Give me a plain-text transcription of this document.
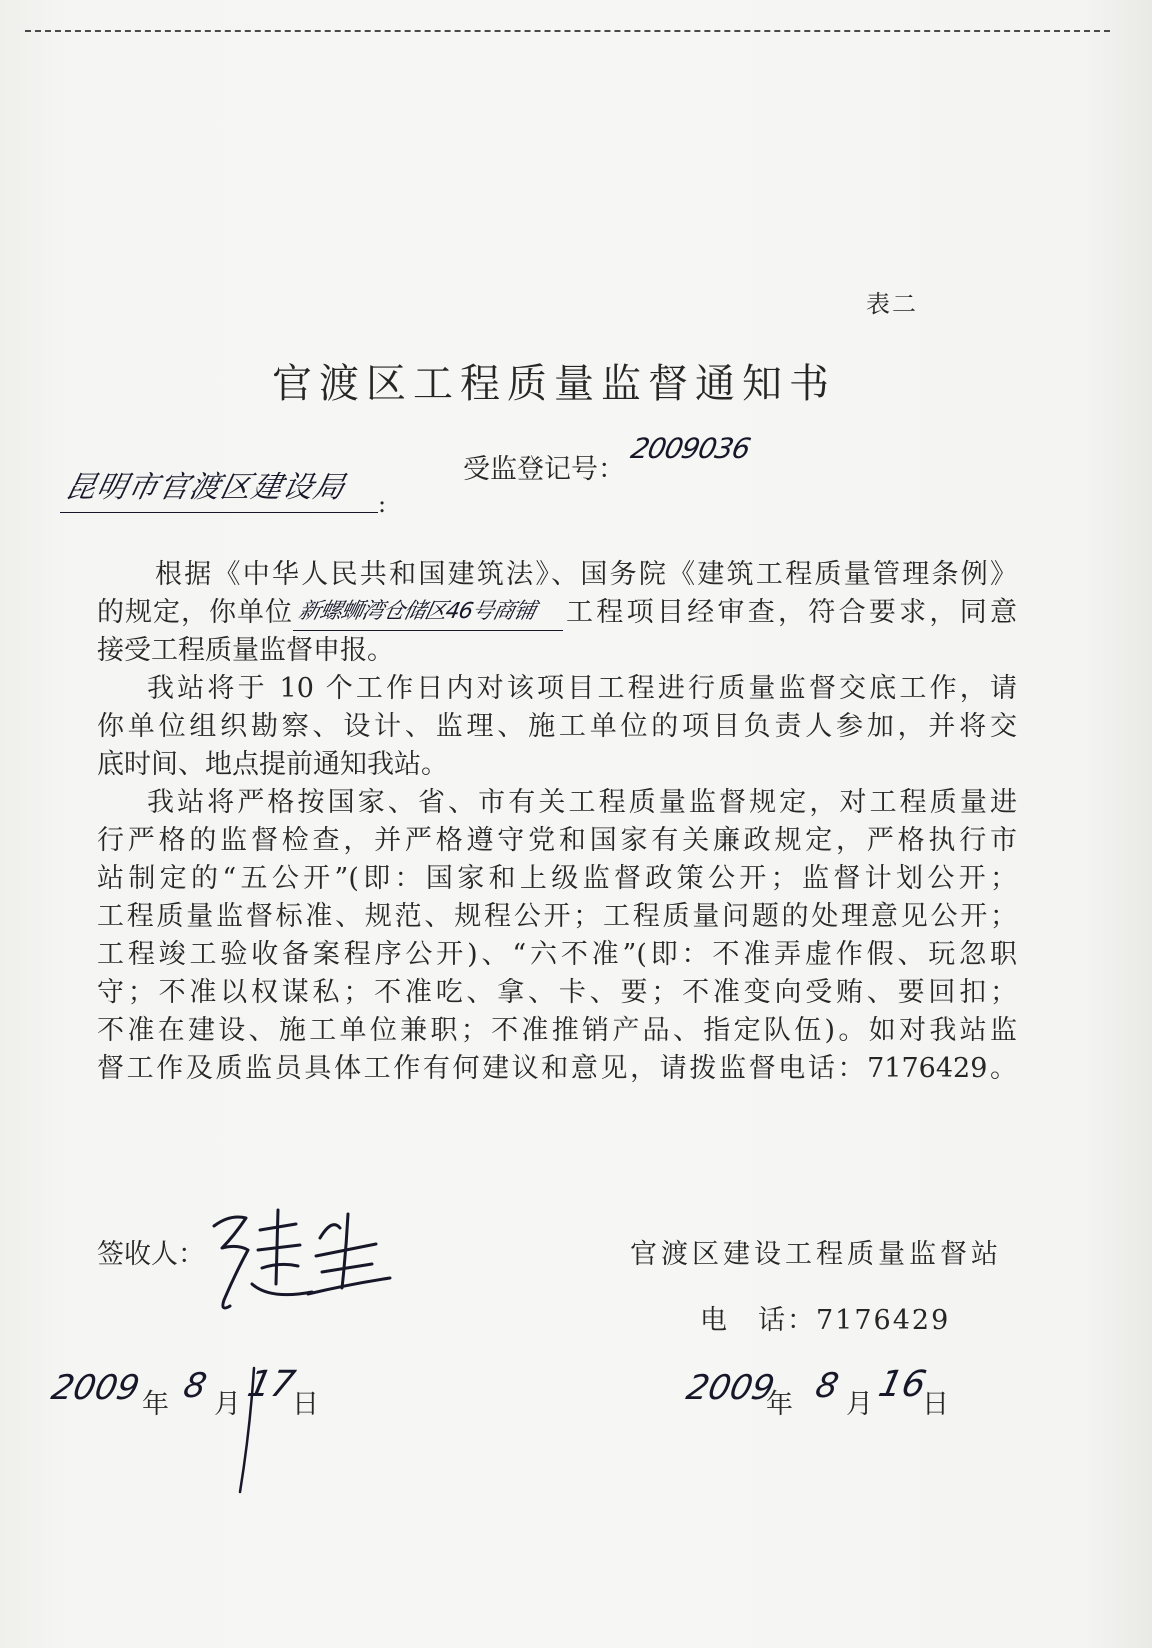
表二
官渡区工程质量监督通知书
昆明市官渡区建设局 :
受监登记号：
2009036
根据《中华人民共和国建筑法》、国务院《建筑工程质量管理条例》
的规定，你单位 新螺蛳湾仓储区46号商铺 工程项目经审查，符合要求，同意
接受工程质量监督申报。
我站将于 10 个工作日内对该项目工程进行质量监督交底工作，请
你单位组织勘察、设计、监理、施工单位的项目负责人参加，并将交
底时间、地点提前通知我站。
我站将严格按国家、省、市有关工程质量监督规定，对工程质量进
行严格的监督检查，并严格遵守党和国家有关廉政规定，严格执行市
站制定的“五公开”(即：国家和上级监督政策公开；监督计划公开；
工程质量监督标准、规范、规程公开；工程质量问题的处理意见公开；
工程竣工验收备案程序公开)、“六不准”(即：不准弄虚作假、玩忽职
守；不准以权谋私；不准吃、拿、卡、要；不准变向受贿、要回扣；
不准在建设、施工单位兼职；不准推销产品、指定队伍)。如对我站监
督工作及质监员具体工作有何建议和意见，请拨监督电话：7176429。
签收人：	官渡区建设工程质量监督站
电　话：7176429
2009
年 8 月 17
日	2009
年 8 月 16
日
